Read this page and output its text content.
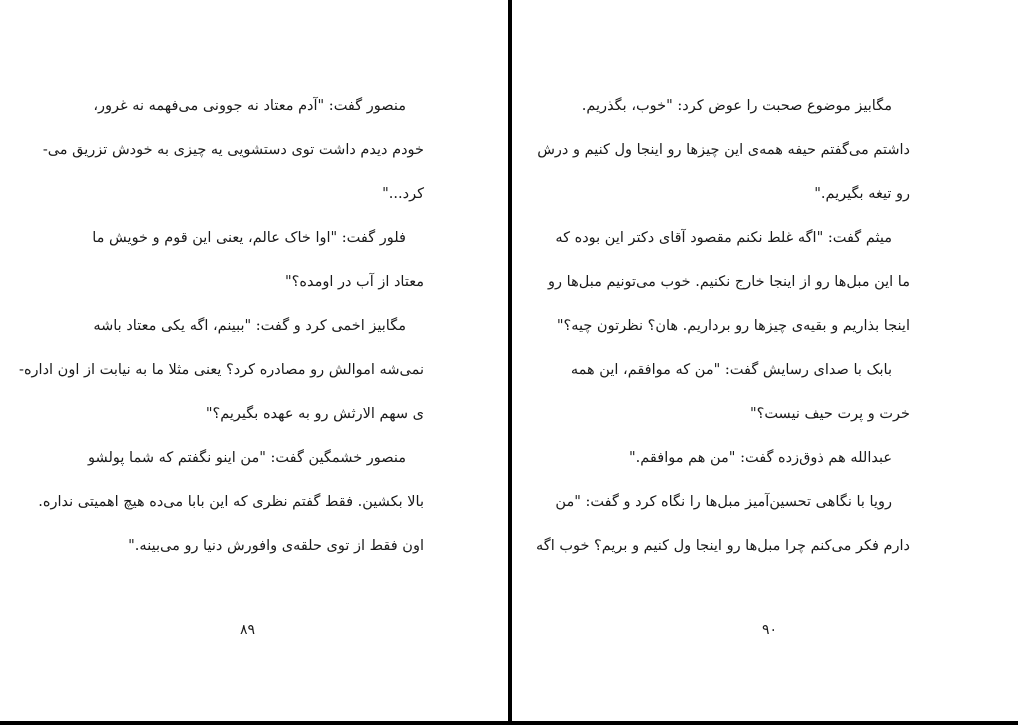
منصور گفت: "آدم معتاد نه جوونی می‌فهمه نه غرور،
خودم دیدم داشت توی دستشویی یه چیزی به خودش تزریق می-
کرد..."
فلور گفت: "اوا خاک عالم، یعنی این قوم و خویش ما
معتاد از آب در اومده؟"
مگابیز اخمی کرد و گفت: "ببینم، اگه یکی معتاد باشه
نمی‌شه اموالش رو مصادره کرد؟ یعنی مثلا ما به نیابت از اون اداره-
ی سهم الارثش رو به عهده بگیریم؟"
منصور خشمگین گفت: "من اینو نگفتم که شما پولشو
بالا بکشین. فقط گفتم نظری که این بابا می‌ده هیچ اهمیتی نداره.
اون فقط از توی حلقه‌ی وافورش دنیا رو می‌بینه."
۸۹
مگابیز موضوع صحبت را عوض کرد: "خوب، بگذریم.
داشتم می‌گفتم حیفه همه‌ی این چیزها رو اینجا ول کنیم و درش
رو تیغه بگیریم."
میثم گفت: "اگه غلط نکنم مقصود آقای دکتر این بوده که
ما این مبل‌ها رو از اینجا خارج نکنیم. خوب می‌تونیم مبل‌ها رو
اینجا بذاریم و بقیه‌ی چیزها رو برداریم. هان؟ نظرتون چیه؟"
بابک با صدای رسایش گفت: "من که موافقم، این همه
خرت و پرت حیف نیست؟"
عبدالله هم ذوق‌زده گفت: "من هم موافقم."
رویا با نگاهی تحسین‌آمیز مبل‌ها را نگاه کرد و گفت: "من
دارم فکر می‌کنم چرا مبل‌ها رو اینجا ول کنیم و بریم؟ خوب اگه
۹۰
